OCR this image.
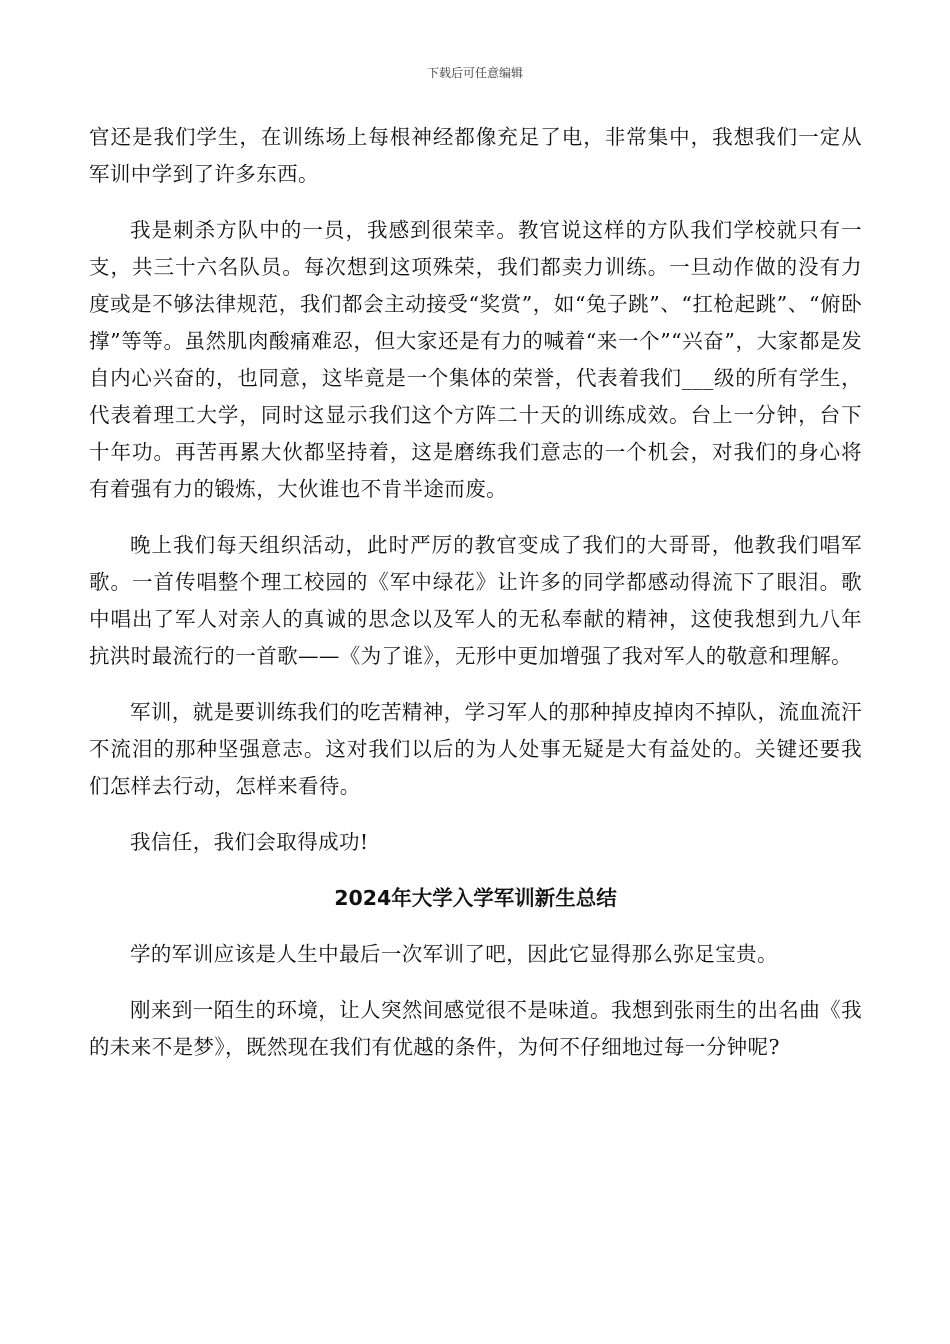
下载后可任意编辑

官还是我们学生，在训练场上每根神经都像充足了电，非常集中，我想我们一定从军训中学到了许多东西。

我是刺杀方队中的一员，我感到很荣幸。教官说这样的方队我们学校就只有一支，共三十六名队员。每次想到这项殊荣，我们都卖力训练。一旦动作做的没有力度或是不够法律规范，我们都会主动接受“奖赏”，如“兔子跳”、“扛枪起跳”、“俯卧撑”等等。虽然肌肉酸痛难忍，但大家还是有力的喊着“来一个”“兴奋”，大家都是发自内心兴奋的，也同意，这毕竟是一个集体的荣誉，代表着我们___级的所有学生，代表着理工大学，同时这显示我们这个方阵二十天的训练成效。台上一分钟，台下十年功。再苦再累大伙都坚持着，这是磨练我们意志的一个机会，对我们的身心将有着强有力的锻炼，大伙谁也不肯半途而废。

晚上我们每天组织活动，此时严厉的教官变成了我们的大哥哥，他教我们唱军歌。一首传唱整个理工校园的《军中绿花》让许多的同学都感动得流下了眼泪。歌中唱出了军人对亲人的真诚的思念以及军人的无私奉献的精神，这使我想到九八年抗洪时最流行的一首歌——《为了谁》，无形中更加增强了我对军人的敬意和理解。

军训，就是要训练我们的吃苦精神，学习军人的那种掉皮掉肉不掉队，流血流汗不流泪的那种坚强意志。这对我们以后的为人处事无疑是大有益处的。关键还要我们怎样去行动，怎样来看待。

我信任，我们会取得成功!

2024年大学入学军训新生总结

学的军训应该是人生中最后一次军训了吧，因此它显得那么弥足宝贵。

刚来到一陌生的环境，让人突然间感觉很不是味道。我想到张雨生的出名曲《我的未来不是梦》，既然现在我们有优越的条件，为何不仔细地过每一分钟呢?
